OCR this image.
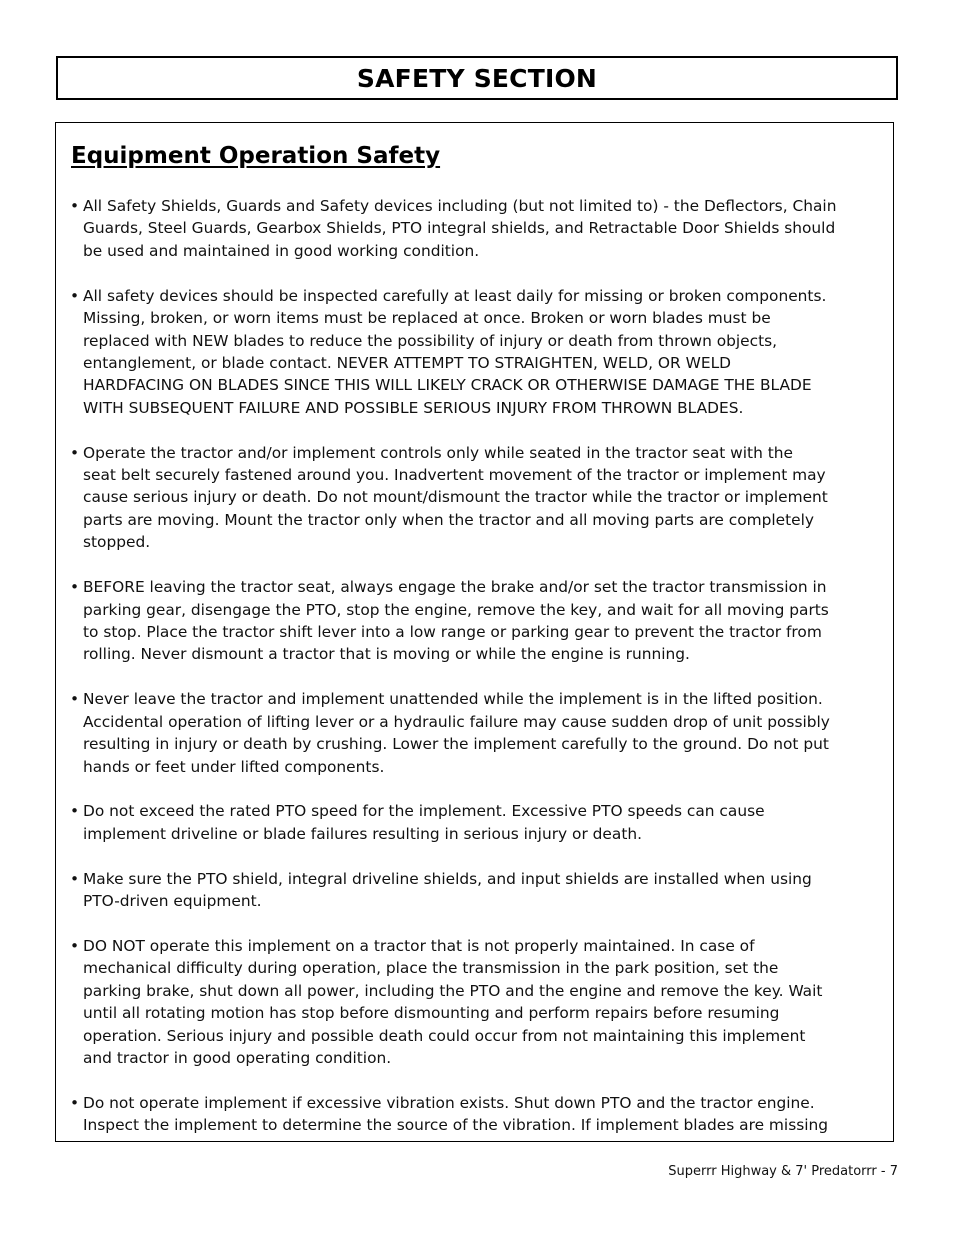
SAFETY SECTION
Equipment Operation Safety
• All Safety Shields, Guards and Safety devices including (but not limited to) - the Deflectors, Chain
Guards, Steel Guards, Gearbox Shields, PTO integral shields, and Retractable Door Shields should
be used and maintained in good working condition.
• All safety devices should be inspected carefully at least daily for missing or broken components.
Missing, broken, or worn items must be replaced at once. Broken or worn blades must be
replaced with NEW blades to reduce the possibility of injury or death from thrown objects,
entanglement, or blade contact. NEVER ATTEMPT TO STRAIGHTEN, WELD, OR WELD
HARDFACING ON BLADES SINCE THIS WILL LIKELY CRACK OR OTHERWISE DAMAGE THE BLADE
WITH SUBSEQUENT FAILURE AND POSSIBLE SERIOUS INJURY FROM THROWN BLADES.
• Operate the tractor and/or implement controls only while seated in the tractor seat with the
seat belt securely fastened around you. Inadvertent movement of the tractor or implement may
cause serious injury or death. Do not mount/dismount the tractor while the tractor or implement
parts are moving. Mount the tractor only when the tractor and all moving parts are completely
stopped.
• BEFORE leaving the tractor seat, always engage the brake and/or set the tractor transmission in
parking gear, disengage the PTO, stop the engine, remove the key, and wait for all moving parts
to stop. Place the tractor shift lever into a low range or parking gear to prevent the tractor from
rolling. Never dismount a tractor that is moving or while the engine is running.
• Never leave the tractor and implement unattended while the implement is in the lifted position.
Accidental operation of lifting lever or a hydraulic failure may cause sudden drop of unit possibly
resulting in injury or death by crushing. Lower the implement carefully to the ground. Do not put
hands or feet under lifted components.
• Do not exceed the rated PTO speed for the implement. Excessive PTO speeds can cause
implement driveline or blade failures resulting in serious injury or death.
• Make sure the PTO shield, integral driveline shields, and input shields are installed when using
PTO-driven equipment.
• DO NOT operate this implement on a tractor that is not properly maintained. In case of
mechanical difficulty during operation, place the transmission in the park position, set the
parking brake, shut down all power, including the PTO and the engine and remove the key. Wait
until all rotating motion has stop before dismounting and perform repairs before resuming
operation. Serious injury and possible death could occur from not maintaining this implement
and tractor in good operating condition.
• Do not operate implement if excessive vibration exists. Shut down PTO and the tractor engine.
Inspect the implement to determine the source of the vibration. If implement blades are missing
Superrr Highway & 7' Predatorrr - 7
